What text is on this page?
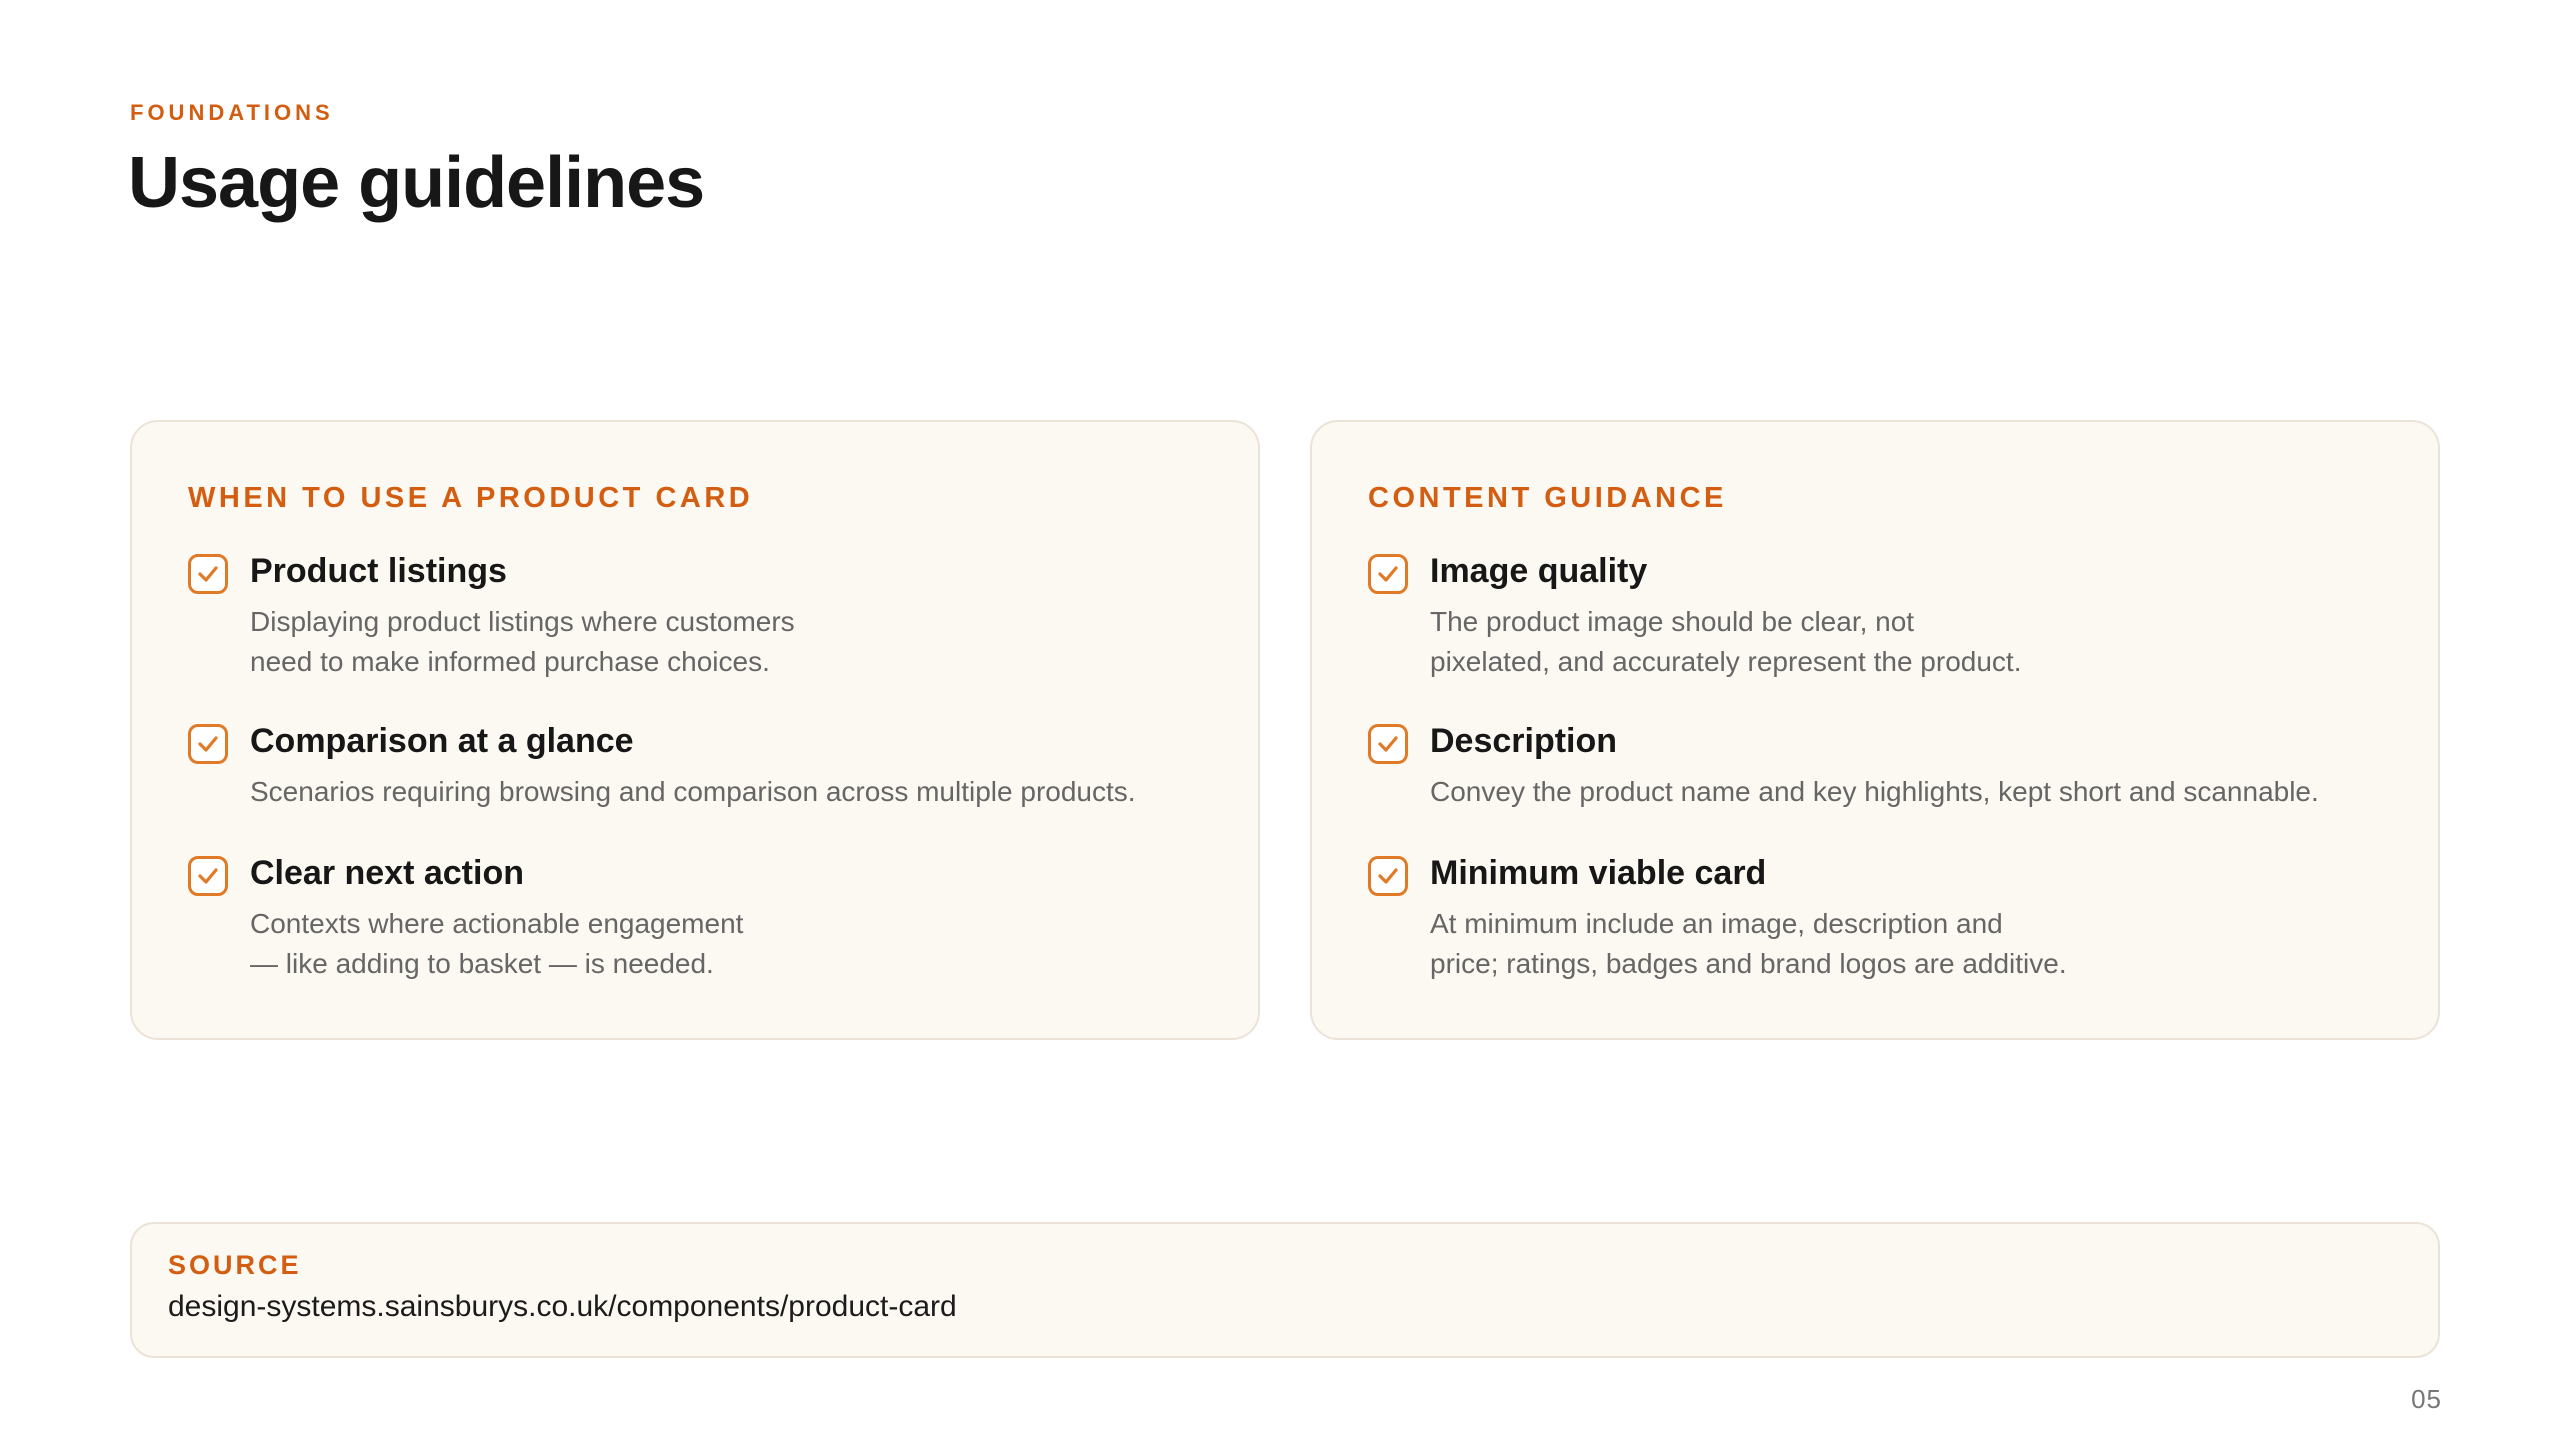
FOUNDATIONS
Usage guidelines
WHEN TO USE A PRODUCT CARD
Product listings
Displaying product listings where customers
need to make informed purchase choices.
Comparison at a glance
Scenarios requiring browsing and comparison across multiple products.
Clear next action
Contexts where actionable engagement
— like adding to basket — is needed.
CONTENT GUIDANCE
Image quality
The product image should be clear, not
pixelated, and accurately represent the product.
Description
Convey the product name and key highlights, kept short and scannable.
Minimum viable card
At minimum include an image, description and
price; ratings, badges and brand logos are additive.
SOURCE
design-systems.sainsburys.co.uk/components/product-card
05
